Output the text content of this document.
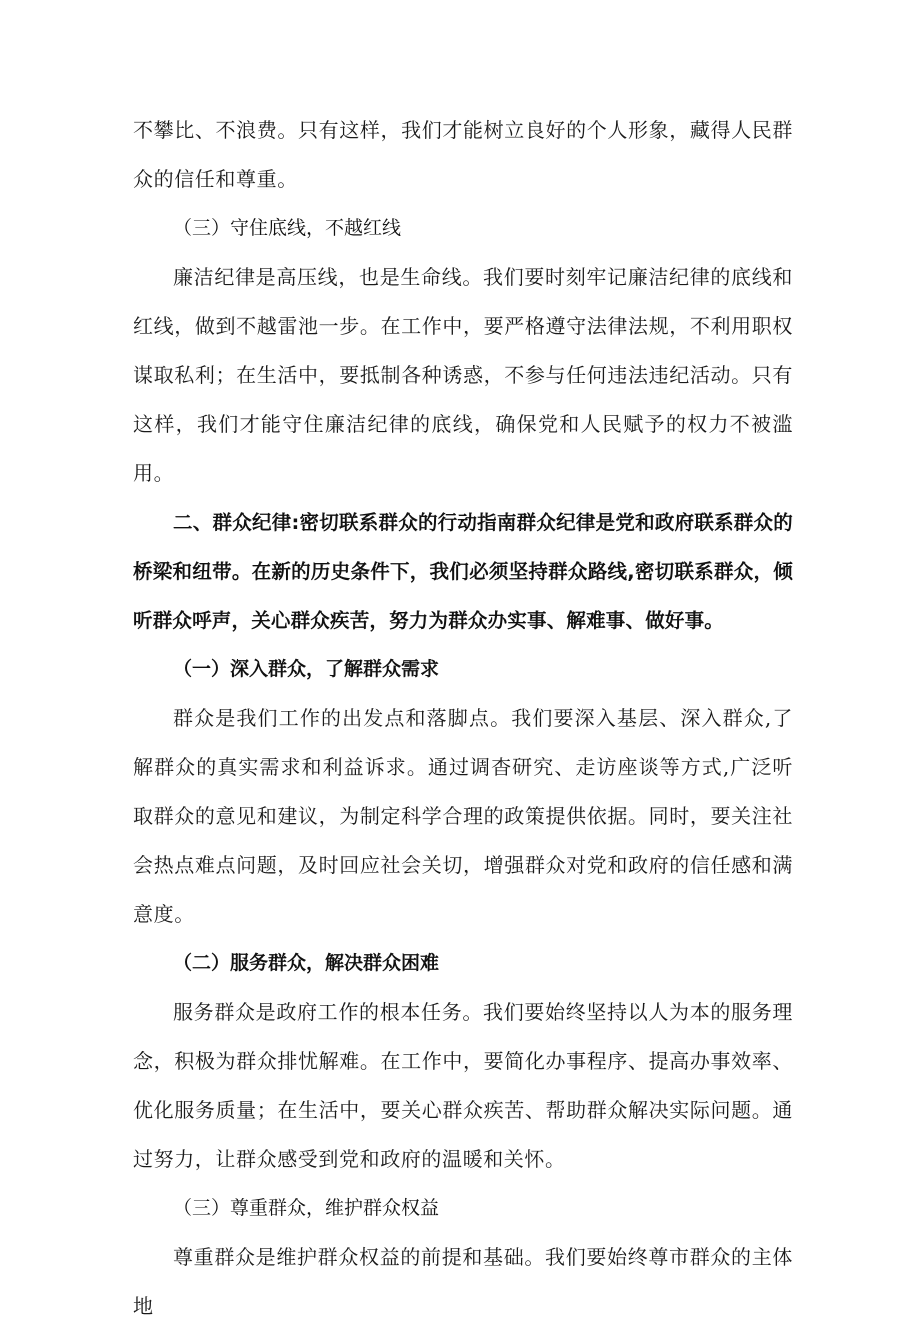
不攀比、不浪费。只有这样，我们才能树立良好的个人形象，藏得人民群众的信任和尊重。

（三）守住底线，不越红线

廉洁纪律是高压线，也是生命线。我们要时刻牢记廉洁纪律的底线和红线，做到不越雷池一步。在工作中，要严格遵守法律法规，不利用职权谋取私利；在生活中，要抵制各种诱惑，不参与任何违法违纪活动。只有这样，我们才能守住廉洁纪律的底线，确保党和人民赋予的权力不被滥用。

二、群众纪律:密切联系群众的行动指南群众纪律是党和政府联系群众的桥梁和纽带。在新的历史条件下，我们必须坚持群众路线,密切联系群众，倾听群众呼声，关心群众疾苦，努力为群众办实事、解难事、做好事。

（一）深入群众，了解群众需求

群众是我们工作的出发点和落脚点。我们要深入基层、深入群众,了解群众的真实需求和利益诉求。通过调杳研究、走访座谈等方式,广泛听取群众的意见和建议，为制定科学合理的政策提供依据。同时，要关注社会热点难点问题，及时回应社会关切，增强群众对党和政府的信任感和满意度。

（二）服务群众，解决群众困难

服务群众是政府工作的根本任务。我们要始终坚持以人为本的服务理念，积极为群众排忧解难。在工作中，要简化办事程序、提高办事效率、优化服务质量；在生活中，要关心群众疾苦、帮助群众解决实际问题。通过努力，让群众感受到党和政府的温暖和关怀。

（三）尊重群众，维护群众权益

尊重群众是维护群众权益的前提和基础。我们要始终尊市群众的主体地
